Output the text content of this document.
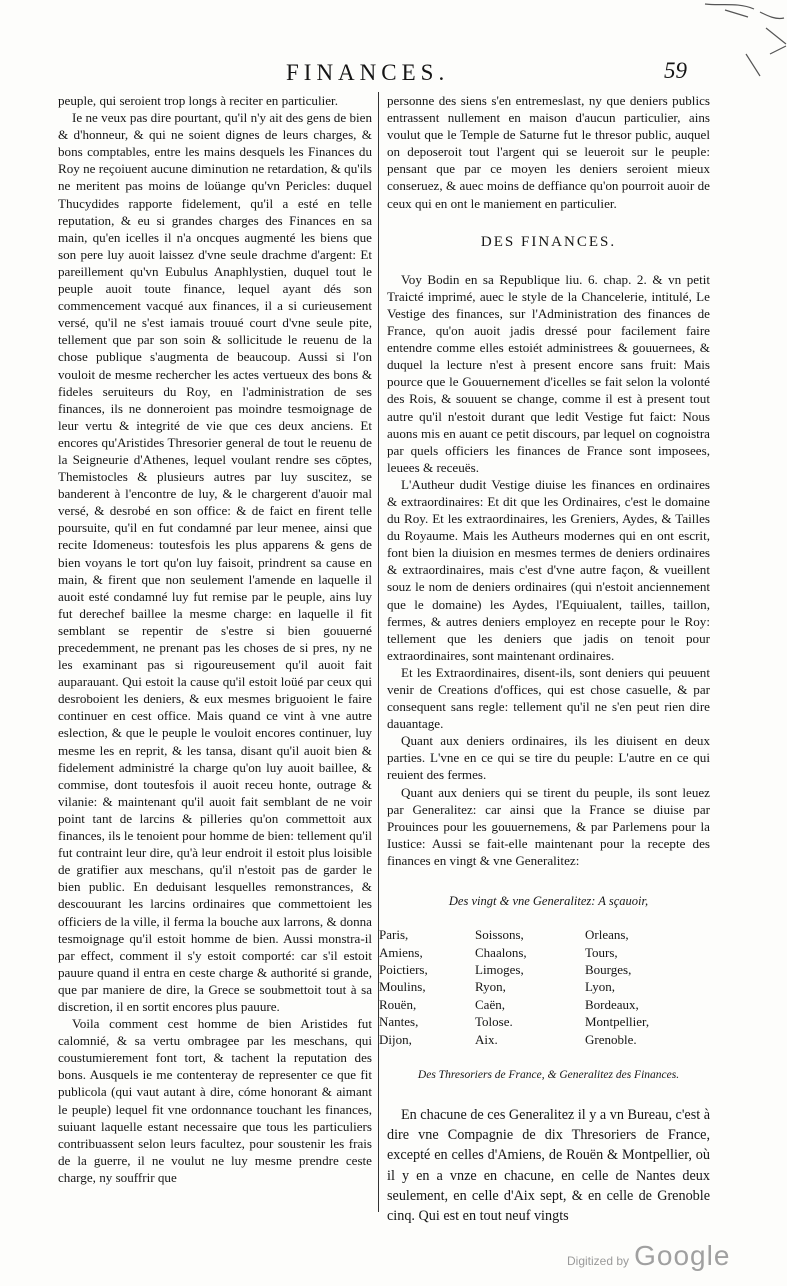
FINANCES.	59

peuple, qui seroient trop longs à reciter en particulier.

Ie ne veux pas dire pourtant, qu'il n'y ait des gens de bien & d'honneur, & qui ne soient dignes de leurs charges, & bons comptables, entre les mains desquels les Finances du Roy ne reçoiuent aucune diminution ne retardation, & qu'ils ne meritent pas moins de loüange qu'vn Pericles: duquel Thucydides rapporte fidelement, qu'il a esté en telle reputation, & eu si grandes charges des Finances en sa main, qu'en icelles il n'a oncques augmenté les biens que son pere luy auoit laissez d'vne seule drachme d'argent: Et pareillement qu'vn Eubulus Anaphlystien, duquel tout le peuple auoit toute finance, lequel ayant dés son commencement vacqué aux finances, il a si curieusement versé, qu'il ne s'est iamais trouué court d'vne seule pite, tellement que par son soin & sollicitude le reuenu de la chose publique s'augmenta de beaucoup. Aussi si l'on vouloit de mesme rechercher les actes vertueux des bons & fideles seruiteurs du Roy, en l'administration de ses finances, ils ne donneroient pas moindre tesmoignage de leur vertu & integrité de vie que ces deux anciens. Et encores qu'Aristides Thresorier general de tout le reuenu de la Seigneurie d'Athenes, lequel voulant rendre ses cōptes, Themistocles & plusieurs autres par luy suscitez, se banderent à l'encontre de luy, & le chargerent d'auoir mal versé, & desrobé en son office: & de faict en firent telle poursuite, qu'il en fut condamné par leur menee, ainsi que recite Idomeneus: toutesfois les plus apparens & gens de bien voyans le tort qu'on luy faisoit, prindrent sa cause en main, & firent que non seulement l'amende en laquelle il auoit esté condamné luy fut remise par le peuple, ains luy fut derechef baillee la mesme charge: en laquelle il fit semblant se repentir de s'estre si bien gouuerné precedemment, ne prenant pas les choses de si pres, ny ne les examinant pas si rigoureusement qu'il auoit fait auparauant. Qui estoit la cause qu'il estoit loüé par ceux qui desroboient les deniers, & eux mesmes briguoient le faire continuer en cest office. Mais quand ce vint à vne autre eslection, & que le peuple le vouloit encores continuer, luy mesme les en reprit, & les tansa, disant qu'il auoit bien & fidelement administré la charge qu'on luy auoit baillee, & commise, dont toutesfois il auoit receu honte, outrage & vilanie: & maintenant qu'il auoit fait semblant de ne voir point tant de larcins & pilleries qu'on commettoit aux finances, ils le tenoient pour homme de bien: tellement qu'il fut contraint leur dire, qu'à leur endroit il estoit plus loisible de gratifier aux meschans, qu'il n'estoit pas de garder le bien public. En deduisant lesquelles remonstrances, & descouurant les larcins ordinaires que commettoient les officiers de la ville, il ferma la bouche aux larrons, & donna tesmoignage qu'il estoit homme de bien. Aussi monstra-il par effect, comment il s'y estoit comporté: car s'il estoit pauure quand il entra en ceste charge & authorité si grande, que par maniere de dire, la Grece se soubmettoit tout à sa discretion, il en sortit encores plus pauure.

Voila comment cest homme de bien Aristides fut calomnié, & sa vertu ombragee par les meschans, qui coustumierement font tort, & tachent la reputation des bons. Ausquels ie me contenteray de representer ce que fit publicola (qui vaut autant à dire, cóme honorant & aimant le peuple) lequel fit vne ordonnance touchant les finances, suiuant laquelle estant necessaire que tous les particuliers contribuassent selon leurs facultez, pour soustenir les frais de la guerre, il ne voulut ne luy mesme prendre ceste charge, ny souffrir que

personne des siens s'en entremeslast, ny que deniers publics entrassent nullement en maison d'aucun particulier, ains voulut que le Temple de Saturne fut le thresor public, auquel on deposeroit tout l'argent qui se leueroit sur le peuple: pensant que par ce moyen les deniers seroient mieux conseruez, & auec moins de deffiance qu'on pourroit auoir de ceux qui en ont le maniement en particulier.

DES FINANCES.

Voy Bodin en sa Republique liu. 6. chap. 2. & vn petit Traicté imprimé, auec le style de la Chancelerie, intitulé, Le Vestige des finances, sur l'Administration des finances de France, qu'on auoit jadis dressé pour facilement faire entendre comme elles estoiét administrees & gouuernees, & duquel la lecture n'est à present encore sans fruit: Mais pource que le Gouuernement d'icelles se fait selon la volonté des Rois, & souuent se change, comme il est à present tout autre qu'il n'estoit durant que ledit Vestige fut faict: Nous auons mis en auant ce petit discours, par lequel on cognoistra par quels officiers les finances de France sont imposees, leuees & receuës.

L'Autheur dudit Vestige diuise les finances en ordinaires & extraordinaires: Et dit que les Ordinaires, c'est le domaine du Roy. Et les extraordinaires, les Greniers, Aydes, & Tailles du Royaume. Mais les Autheurs modernes qui en ont escrit, font bien la diuision en mesmes termes de deniers ordinaires & extraordinaires, mais c'est d'vne autre façon, & vueillent souz le nom de deniers ordinaires (qui n'estoit anciennement que le domaine) les Aydes, l'Equiualent, tailles, taillon, fermes, & autres deniers employez en recepte pour le Roy: tellement que les deniers que jadis on tenoit pour extraordinaires, sont maintenant ordinaires.

Et les Extraordinaires, disent-ils, sont deniers qui peuuent venir de Creations d'offices, qui est chose casuelle, & par consequent sans regle: tellement qu'il ne s'en peut rien dire dauantage.

Quant aux deniers ordinaires, ils les diuisent en deux parties. L'vne en ce qui se tire du peuple: L'autre en ce qui reuient des fermes.

Quant aux deniers qui se tirent du peuple, ils sont leuez par Generalitez: car ainsi que la France se diuise par Prouinces pour les gouuernemens, & par Parlemens pour la Iustice: Aussi se fait-elle maintenant pour la recepte des finances en vingt & vne Generalitez:

Des vingt & vne Generalitez: A sçauoir,
Paris,	Soissons,	Orleans,
Amiens,	Chaalons,	Tours,
Poictiers,	Limoges,	Bourges,
Moulins,	Ryon,	Lyon,
Rouën,	Caën,	Bordeaux,
Nantes,	Tolose.	Montpellier,
Dijon,	Aix.	Grenoble.
Des Thresoriers de France, & Generalitez des Finances.

En chacune de ces Generalitez il y a vn Bureau, c'est à dire vne Compagnie de dix Thresoriers de France, excepté en celles d'Amiens, de Rouën & Montpellier, où il y en a vnze en chacune, en celle de Nantes deux seulement, en celle d'Aix sept, & en celle de Grenoble cinq. Qui est en tout neuf vingts

Digitized by Google
